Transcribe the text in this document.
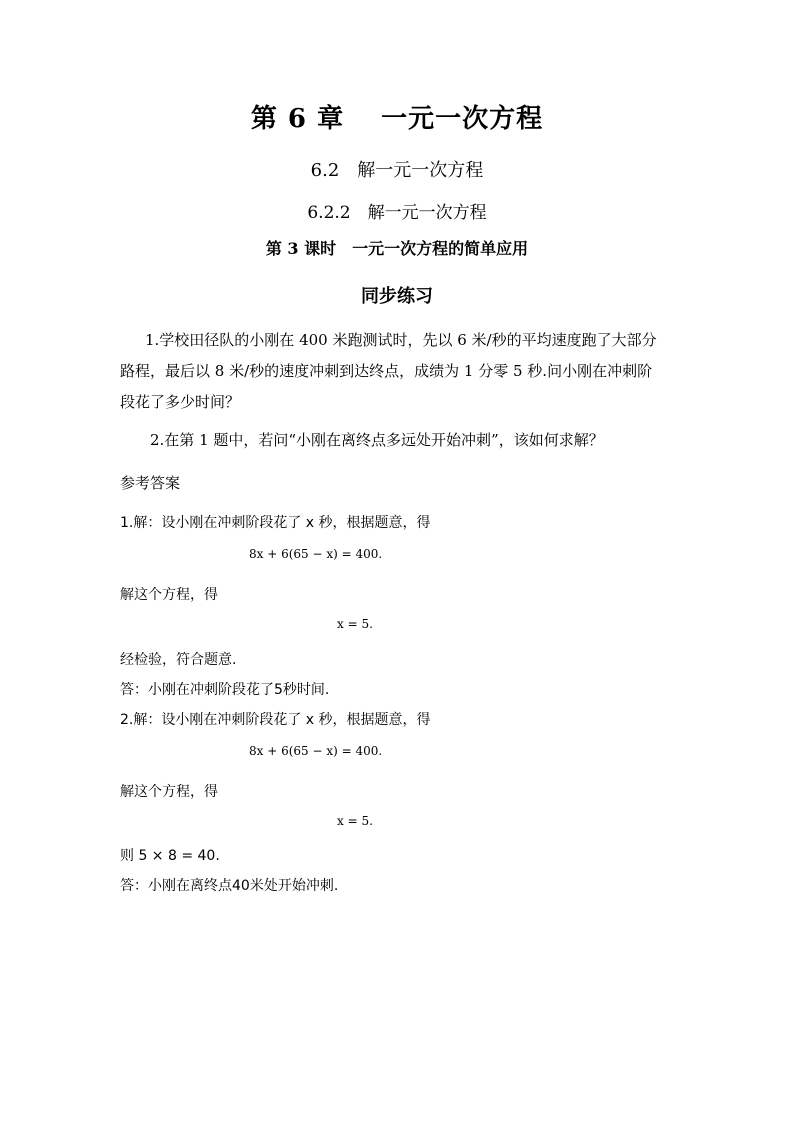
第 6 章　 一元一次方程
6.2　解一元一次方程
6.2.2　解一元一次方程
第 3 课时　一元一次方程的简单应用
同步练习
1.学校田径队的小刚在 400 米跑测试时，先以 6 米/秒的平均速度跑了大部分
路程，最后以 8 米/秒的速度冲刺到达终点，成绩为 1 分零 5 秒.问小刚在冲刺阶
段花了多少时间？
2.在第 1 题中，若问“小刚在离终点多远处开始冲刺”，该如何求解？
参考答案
1.解：设小刚在冲刺阶段花了 x 秒，根据题意，得
8x + 6(65 − x) = 400.
解这个方程，得
x = 5.
经检验，符合题意.
答：小刚在冲刺阶段花了5秒时间.
2.解：设小刚在冲刺阶段花了 x 秒，根据题意，得
8x + 6(65 − x) = 400.
解这个方程，得
x = 5.
则 5 × 8 = 40.
答：小刚在离终点40米处开始冲刺.
